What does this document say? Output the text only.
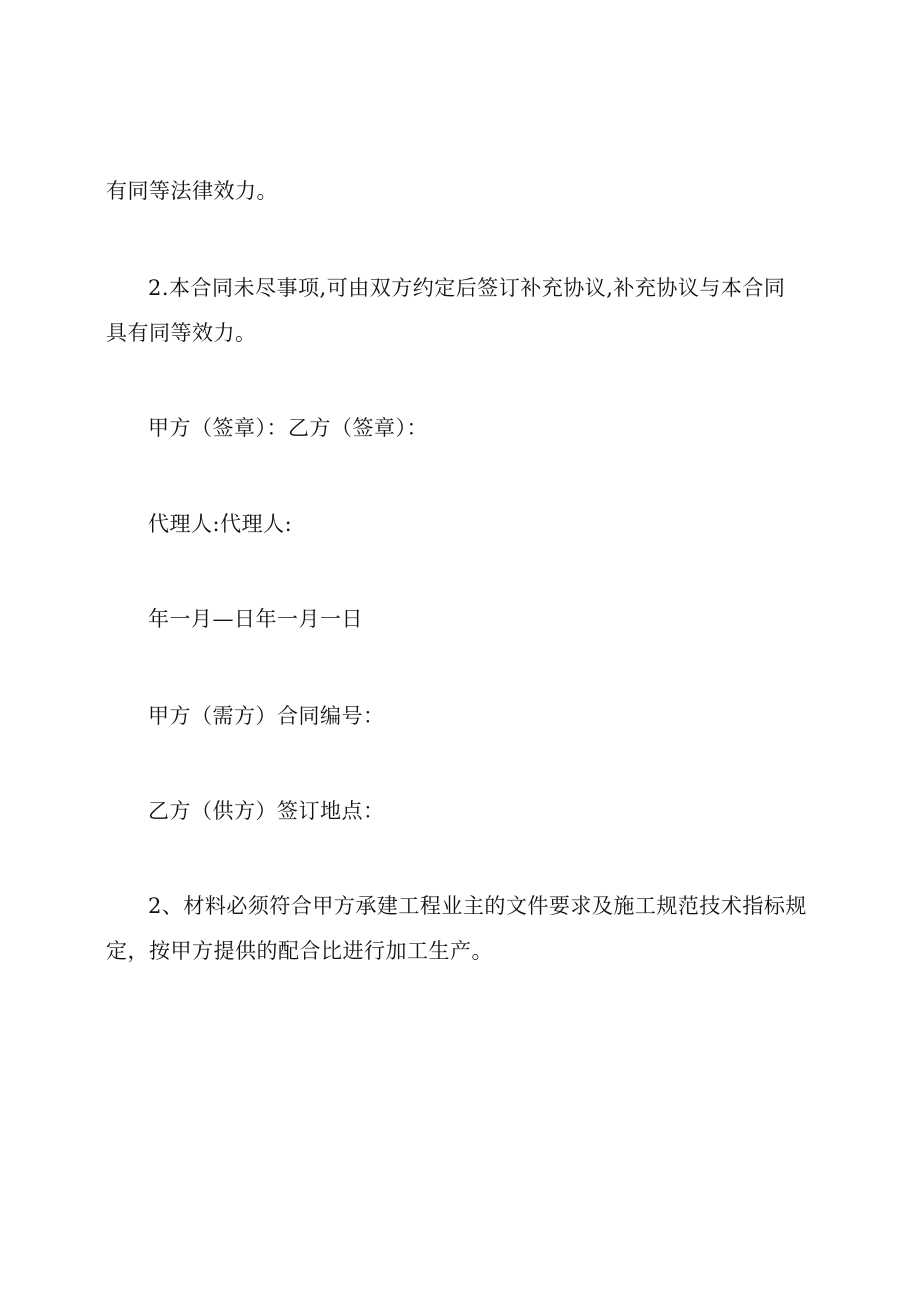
有同等法律效力。
2.本合同未尽事项,可由双方约定后签订补充协议,补充协议与本合同
具有同等效力。
甲方（签章）：乙方（签章）：
代理人:代理人:
年一月—日年一月一日
甲方（需方）合同编号：
乙方（供方）签订地点：
2、材料必须符合甲方承建工程业主的文件要求及施工规范技术指标规
定，按甲方提供的配合比进行加工生产。
